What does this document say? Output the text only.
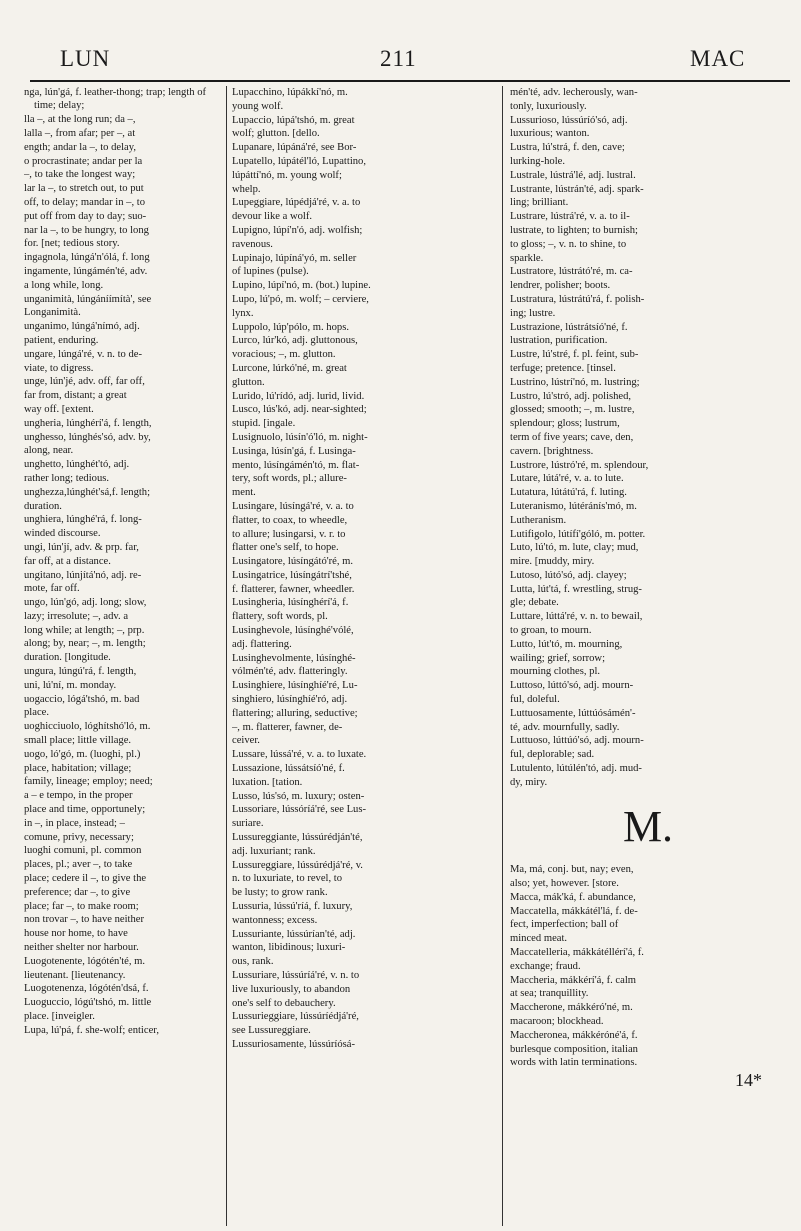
LUN	211	MAC
nga, lún'gá, f. leather-thong; trap; length of time; delay;
lla –, at the long run; da –,
lalla –, from afar; per –, at
ength; andar la –, to delay,
o procrastinate; andar per la
–, to take the longest way;
lar la –, to stretch out, to put
off, to delay; mandar in –, to
put off from day to day; suo-
nar la –, to be hungry, to long
for. [net; tedious story.
ingagnola, lúngá'n'ólá, f. long
ingamente, lúngámén'té, adv.
a long while, long.
unganimità, lúngáníímítà', see
Longanimità.
unganimo, lúngá'nímó, adj.
patient, enduring.
ungare, lúngá'ré, v. n. to de-
viate, to digress.
unge, lún'jé, adv. off, far off,
far from, distant; a great
way off. [extent.
ungheria, lúnghérí'á, f. length,
unghesso, lúnghés'só, adv. by,
along, near.
unghetto, lúnghét'tó, adj.
rather long; tedious.
unghezza,lúnghét'sá,f. length;
duration.
unghiera, lúnghé'rá, f. long-
winded discourse.
ungi, lún'jí, adv. & prp. far,
far off, at a distance.
ungitano, lúnjítá'nó, adj. re-
mote, far off.
ungo, lún'gó, adj. long; slow,
lazy; irresolute; –, adv. a
long while; at length; –, prp.
along; by, near; –, m. length;
duration. [longitude.
ungura, lúngú'rá, f. length,
uni, lú'ní, m. monday.
uogaccio, lógá'tshó, m. bad
place.
uoghicciuolo, lóghítshó'ló, m.
small place; little village.
uogo, ló'gó, m. (luoghi, pl.)
place, habitation; village;
family, lineage; employ; need;
a – e tempo, in the proper
place and time, opportunely;
in –, in place, instead; –
comune, privy, necessary;
luoghi comuni, pl. common
places, pl.; aver –, to take
place; cedere il –, to give the
preference; dar –, to give
place; far –, to make room;
non trovar –, to have neither
house nor home, to have
neither shelter nor harbour.
Luogotenente, lógótén'té, m.
lieutenant. [lieutenancy.
Luogotenenza, lógótén'dsá, f.
Luoguccio, lógú'tshó, m. little
place. [inveigler.
Lupa, lú'pá, f. she-wolf; enticer,
Lupacchino, lúpákkí'nó, m.
young wolf.
Lupaccio, lúpá'tshó, m. great
wolf; glutton. [dello.
Lupanare, lúpáná'ré, see Bor-
Lupatello, lúpátél'ló, Lupattino,
lúpáttí'nó, m. young wolf;
whelp.
Lupeggiare, lúpédjá'ré, v. a. to
devour like a wolf.
Lupigno, lúpí'n'ó, adj. wolfish;
ravenous.
Lupinajo, lúpíná'yó, m. seller
of lupines (pulse).
Lupino, lúpí'nó, m. (bot.) lupine.
Lupo, lú'pó, m. wolf; – cerviere,
lynx.
Luppolo, lúp'pólo, m. hops.
Lurco, lúr'kó, adj. gluttonous,
voracious; –, m. glutton.
Lurcone, lúrkó'né, m. great
glutton.
Lurido, lú'rídó, adj. lurid, livid.
Lusco, lús'kó, adj. near-sighted;
stupid. [ingale.
Lusignuolo, lúsín'ó'ló, m. night-
Lusinga, lúsín'gá, f. Lusinga-
mento, lúsíngámén'tó, m. flat-
tery, soft words, pl.; allure-
ment.
Lusingare, lúsíngá'ré, v. a. to
flatter, to coax, to wheedle,
to allure; lusingarsi, v. r. to
flatter one's self, to hope.
Lusingatore, lúsíngátó'ré, m.
Lusingatrice, lúsíngátrí'tshé,
f. flatterer, fawner, wheedler.
Lusingheria, lúsínghérí'á, f.
flattery, soft words, pl.
Lusinghevole, lúsínghé'vólé,
adj. flattering.
Lusinghevolmente, lúsínghé-
vólmén'té, adv. flatteringly.
Lusinghiere, lúsínghíé'ré, Lu-
singhiero, lúsínghíé'ró, adj.
flattering; alluring, seductive;
–, m. flatterer, fawner, de-
ceiver.
Lussare, lússá'ré, v. a. to luxate.
Lussazione, lússátsíó'né, f.
luxation. [tation.
Lusso, lús'só, m. luxury; osten-
Lussoriare, lússóríá'ré, see Lus-
suriare.
Lussureggiante, lússúrédján'té,
adj. luxuriant; rank.
Lussureggiare, lússúrédjá'ré, v.
n. to luxuriate, to revel, to
be lusty; to grow rank.
Lussuria, lússú'ríá, f. luxury,
wantonness; excess.
Lussuriante, lússúrían'té, adj.
wanton, libidinous; luxuri-
ous, rank.
Lussuriare, lússúríá'ré, v. n. to
live luxuriously, to abandon
one's self to debauchery.
Lussurieggiare, lússúríédjá'ré,
see Lussureggiare.
Lussuriosamente, lússúríósá-
mén'té, adv. lecherously, wan-
tonly, luxuriously.
Lussurioso, lússúríó'só, adj.
luxurious; wanton.
Lustra, lú'strá, f. den, cave;
lurking-hole.
Lustrale, lústrá'lé, adj. lustral.
Lustrante, lústrán'té, adj. spark-
ling; brilliant.
Lustrare, lústrá'ré, v. a. to il-
lustrate, to lighten; to burnish;
to gloss; –, v. n. to shine, to
sparkle.
Lustratore, lústrátó'ré, m. ca-
lendrer, polisher; boots.
Lustratura, lústrátú'rá, f. polish-
ing; lustre.
Lustrazione, lústrátsíó'né, f.
lustration, purification.
Lustre, lú'stré, f. pl. feint, sub-
terfuge; pretence. [tinsel.
Lustrino, lústrí'nó, m. lustring;
Lustro, lú'stró, adj. polished,
glossed; smooth; –, m. lustre,
splendour; gloss; lustrum,
term of five years; cave, den,
cavern. [brightness.
Lustrore, lústró'ré, m. splendour,
Lutare, lútá'ré, v. a. to lute.
Lutatura, lútátú'rá, f. luting.
Luteranismo, lútéránís'mó, m.
Lutheranism.
Lutifigolo, lútífí'góló, m. potter.
Luto, lú'tó, m. lute, clay; mud,
mire. [muddy, miry.
Lutoso, lútó'só, adj. clayey;
Lutta, lút'tá, f. wrestling, strug-
gle; debate.
Luttare, lúttá'ré, v. n. to bewail,
to groan, to mourn.
Lutto, lút'tó, m. mourning,
wailing; grief, sorrow;
mourning clothes, pl.
Luttoso, lúttó'só, adj. mourn-
ful, doleful.
Luttuosamente, lúttúósámén'-
té, adv. mournfully, sadly.
Luttuoso, lúttúó'só, adj. mourn-
ful, deplorable; sad.
Lutulento, lútúlén'tó, adj. mud-
dy, miry.
M.
Ma, má, conj. but, nay; even,
also; yet, however. [store.
Macca, mák'ká, f. abundance,
Maccatella, mákkátél'lá, f. de-
fect, imperfection; ball of
minced meat.
Maccatelleria, mákkátéllérí'á, f.
exchange; fraud.
Maccheria, mákkérí'á, f. calm
at sea; tranquillity.
Maccherone, mákkéró'né, m.
macaroon; blockhead.
Maccheronea, mákkéróné'á, f.
burlesque composition, italian
words with latin terminations.
14*
